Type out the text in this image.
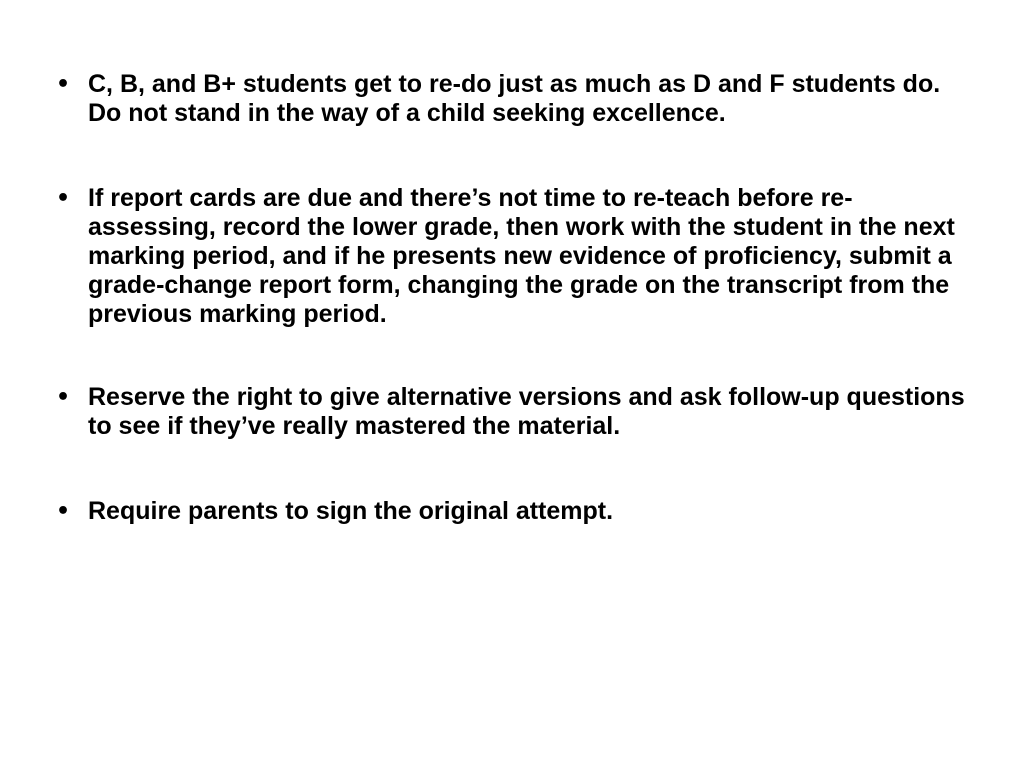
• C, B, and B+ students get to re-do just as much as D and F students do. Do not stand in the way of a child seeking excellence.
• If report cards are due and there’s not time to re-teach before re-assessing, record the lower grade, then work with the student in the next marking period, and if he presents new evidence of proficiency, submit a grade-change report form, changing the grade on the transcript from the previous marking period.
• Reserve the right to give alternative versions and ask follow-up questions to see if they’ve really mastered the material.
• Require parents to sign the original attempt.
